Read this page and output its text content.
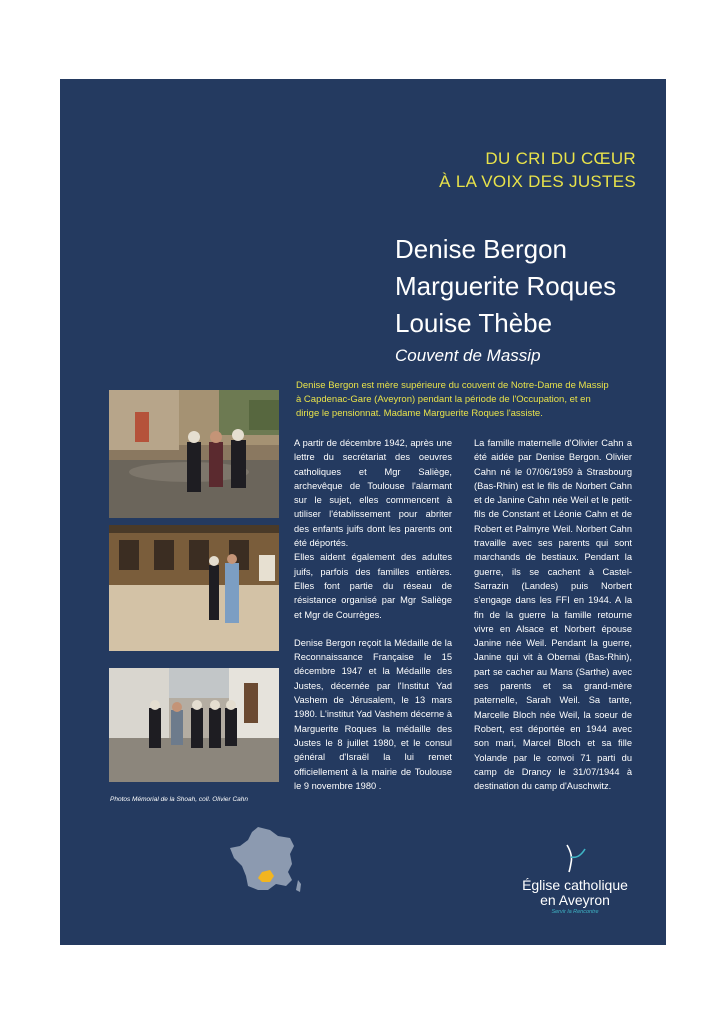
DU CRI DU CŒUR
À LA VOIX DES JUSTES
Denise Bergon
Marguerite Roques
Louise Thèbe
Couvent de Massip
Denise Bergon est mère supérieure du couvent de Notre-Dame de Massip à Capdenac-Gare (Aveyron) pendant la période de l'Occupation, et en dirige le pensionnat. Madame Marguerite Roques l'assiste.
Photos Mémorial de la Shoah, coll. Olivier Cahn

A partir de décembre 1942, après une lettre du secrétariat des oeuvres catholiques et Mgr Saliège, archevêque de Toulouse l'alarmant sur le sujet, elles commencent à utiliser l'établissement pour abriter des enfants juifs dont les parents ont été déportés.

Elles aident également des adultes juifs, parfois des familles entières. Elles font partie du réseau de résistance organisé par Mgr Saliège et Mgr de Courrèges.

Denise Bergon reçoit la Médaille de la Reconnaissance Française le 15 décembre 1947 et la Médaille des Justes, décernée par l'Institut Yad Vashem de Jérusalem, le 13 mars 1980. L'institut Yad Vashem décerne à Marguerite Roques la médaille des Justes le 8 juillet 1980, et le consul général d'Israël la lui remet officiellement à la mairie de Toulouse le 9 novembre 1980 .

La famille maternelle d'Olivier Cahn a été aidée par Denise Bergon. Olivier Cahn né le 07/06/1959 à Strasbourg (Bas-Rhin) est le fils de Norbert Cahn et de Janine Cahn née Weil et le petit-fils de Constant et Léonie Cahn et de Robert et Palmyre Weil. Norbert Cahn travaille avec ses parents qui sont marchands de bestiaux. Pendant la guerre, ils se cachent à Castel-Sarrazin (Landes) puis Norbert s'engage dans les FFI en 1944. A la fin de la guerre la famille retourne vivre en Alsace et Norbert épouse Janine née Weil. Pendant la guerre, Janine qui vit à Obernai (Bas-Rhin), part se cacher au Mans (Sarthe) avec ses parents et sa grand-mère paternelle, Sarah Weil. Sa tante, Marcelle Bloch née Weil, la soeur de Robert, est déportée en 1944 avec son mari, Marcel Bloch et sa fille Yolande par le convoi 71 parti du camp de Drancy le 31/07/1944 à destination du camp d'Auschwitz.

Église catholique
en Aveyron
Servir la Rencontre
